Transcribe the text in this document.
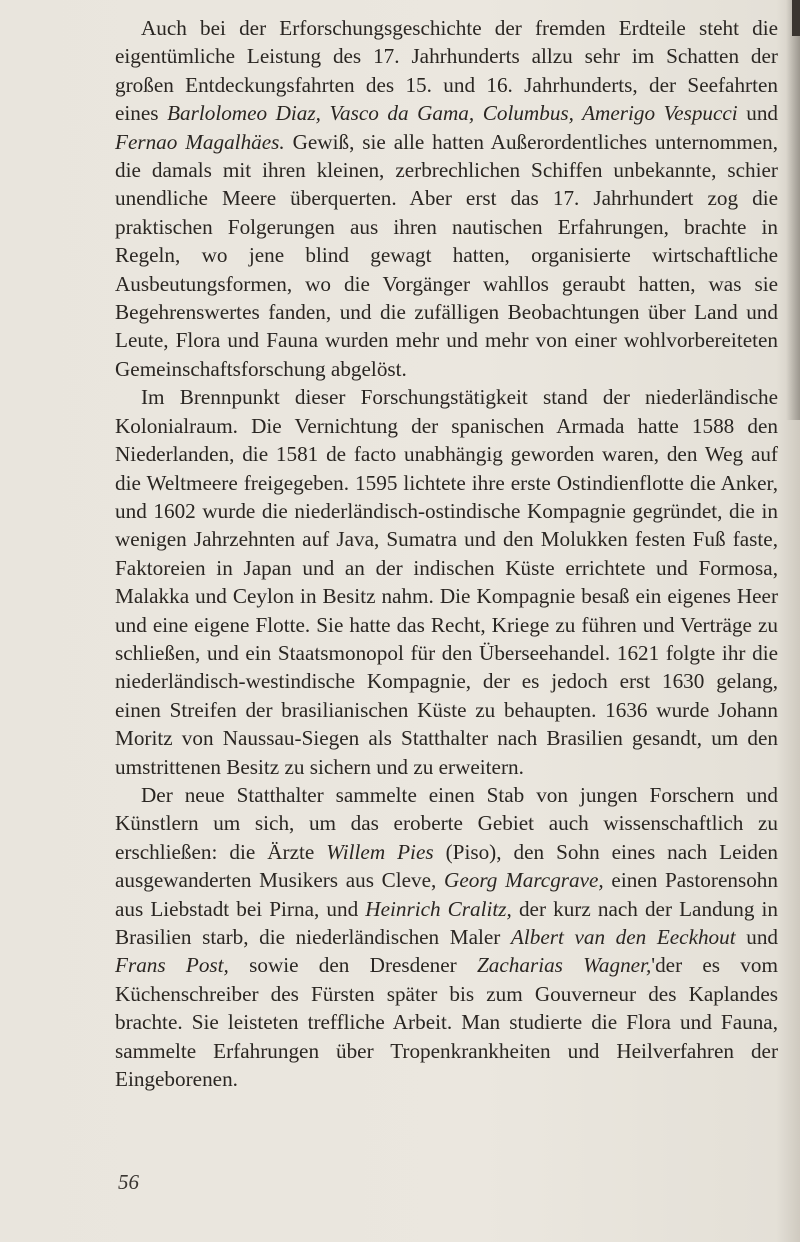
Auch bei der Erforschungsgeschichte der fremden Erdteile steht die eigentümliche Leistung des 17. Jahrhunderts allzu sehr im Schatten der großen Entdeckungsfahrten des 15. und 16. Jahrhunderts, der Seefahrten eines Barlolomeo Diaz, Vasco da Gama, Columbus, Amerigo Vespucci und Fernao Magalhäes. Gewiß, sie alle hatten Außerordentliches unternommen, die damals mit ihren kleinen, zerbrechlichen Schiffen unbekannte, schier unendliche Meere überquerten. Aber erst das 17. Jahrhundert zog die praktischen Folgerungen aus ihren nautischen Erfahrungen, brachte in Regeln, wo jene blind gewagt hatten, organisierte wirtschaftliche Ausbeutungsformen, wo die Vorgänger wahllos geraubt hatten, was sie Begehrenswertes fanden, und die zufälligen Beobachtungen über Land und Leute, Flora und Fauna wurden mehr und mehr von einer wohlvorbereiteten Gemeinschaftsforschung abgelöst.

Im Brennpunkt dieser Forschungstätigkeit stand der niederländische Kolonialraum. Die Vernichtung der spanischen Armada hatte 1588 den Niederlanden, die 1581 de facto unabhängig geworden waren, den Weg auf die Weltmeere freigegeben. 1595 lichtete ihre erste Ostindienflotte die Anker, und 1602 wurde die niederländisch-ostindische Kompagnie gegründet, die in wenigen Jahrzehnten auf Java, Sumatra und den Molukken festen Fuß faste, Faktoreien in Japan und an der indischen Küste errichtete und Formosa, Malakka und Ceylon in Besitz nahm. Die Kompagnie besaß ein eigenes Heer und eine eigene Flotte. Sie hatte das Recht, Kriege zu führen und Verträge zu schließen, und ein Staatsmonopol für den Überseehandel. 1621 folgte ihr die niederländisch-westindische Kompagnie, der es jedoch erst 1630 gelang, einen Streifen der brasilianischen Küste zu behaupten. 1636 wurde Johann Moritz von Naussau-Siegen als Statthalter nach Brasilien gesandt, um den umstrittenen Besitz zu sichern und zu erweitern.

Der neue Statthalter sammelte einen Stab von jungen Forschern und Künstlern um sich, um das eroberte Gebiet auch wissenschaftlich zu erschließen: die Ärzte Willem Pies (Piso), den Sohn eines nach Leiden ausgewanderten Musikers aus Cleve, Georg Marcgrave, einen Pastorensohn aus Liebstadt bei Pirna, und Heinrich Cralitz, der kurz nach der Landung in Brasilien starb, die niederländischen Maler Albert van den Eeckhout und Frans Post, sowie den Dresdener Zacharias Wagner,'der es vom Küchenschreiber des Fürsten später bis zum Gouverneur des Kaplandes brachte. Sie leisteten treffliche Arbeit. Man studierte die Flora und Fauna, sammelte Erfahrungen über Tropenkrankheiten und Heilverfahren der Eingeborenen.

56
